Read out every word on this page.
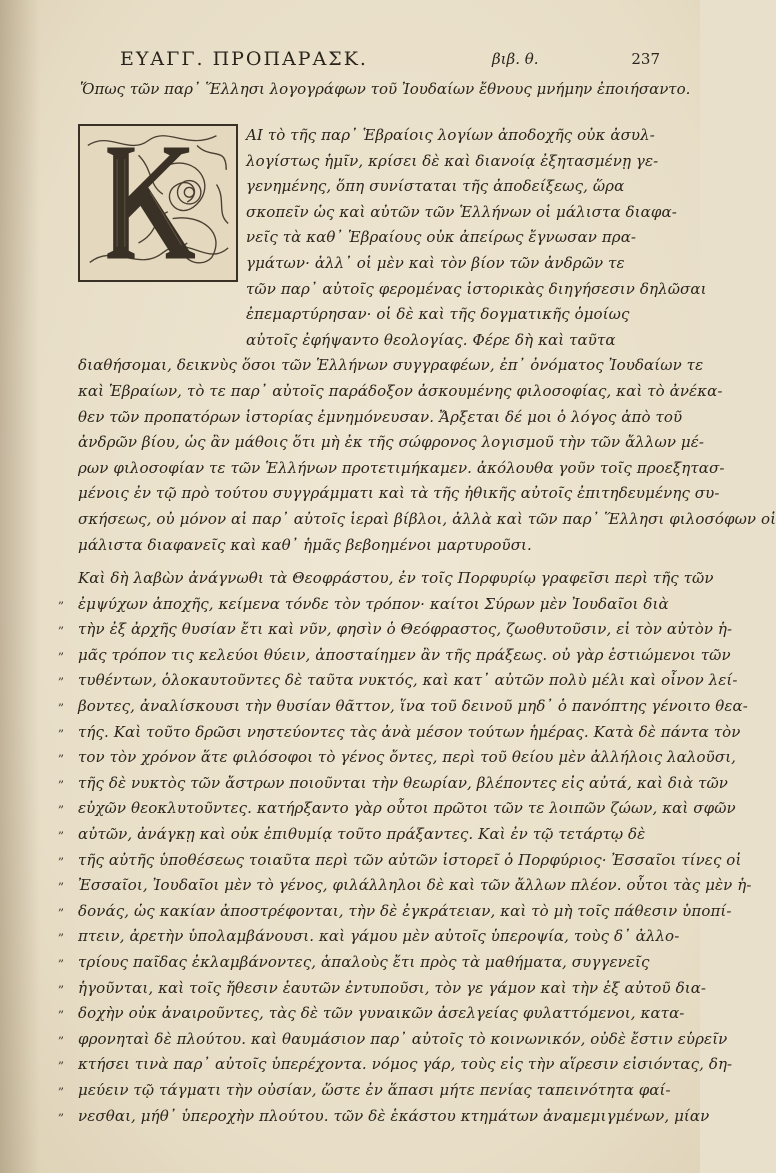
ΕΥΑΓΓ. ΠΡΟΠΑΡΑΣΚ.	βιβ. θ.	237
Ὅπως τῶν παρ᾽ Ἕλλησι λογογράφων τοῦ Ἰουδαίων ἔθνους μνήμην ἐποιήσαντο.
ΑΙ τὸ τῆς παρ᾽ Ἑβραίοις λογίων ἀποδοχῆς οὐκ ἀσυλ-
λογίστως ἡμῖν, κρίσει δὲ καὶ διανοίᾳ ἐξητασμένῃ γε-
γενημένης, ὅπη συνίσταται τῆς ἀποδείξεως, ὥρα
σκοπεῖν ὡς καὶ αὐτῶν τῶν Ἑλλήνων οἱ μάλιστα διαφα-
νεῖς τὰ καθ᾽ Ἑβραίους οὐκ ἀπείρως ἔγνωσαν πρα-
γμάτων· ἀλλ᾽ οἱ μὲν καὶ τὸν βίον τῶν ἀνδρῶν τε
τῶν παρ᾽ αὐτοῖς φερομένας ἱστορικὰς διηγήσεσιν δηλῶσαι
ἐπεμαρτύρησαν· οἱ δὲ καὶ τῆς δογματικῆς ὁμοίως
αὐτοῖς ἐφήψαντο θεολογίας. Φέρε δὴ καὶ ταῦτα
διαθήσομαι, δεικνὺς ὅσοι τῶν Ἑλλήνων συγγραφέων, ἐπ᾽ ὀνόματος Ἰουδαίων τε
καὶ Ἑβραίων, τὸ τε παρ᾽ αὐτοῖς παράδοξον ἀσκουμένης φιλοσοφίας, καὶ τὸ ἀνέκα-
θεν τῶν προπατόρων ἱστορίας ἐμνημόνευσαν. Ἄρξεται δέ μοι ὁ λόγος ἀπὸ τοῦ
ἀνδρῶν βίου, ὡς ἂν μάθοις ὅτι μὴ ἐκ τῆς σώφρονος λογισμοῦ τὴν τῶν ἄλλων μέ-
ρων φιλοσοφίαν τε τῶν Ἑλλήνων προτετιμήκαμεν. ἀκόλουθα γοῦν τοῖς προεξητασ-
μένοις ἐν τῷ πρὸ τούτου συγγράμματι καὶ τὰ τῆς ἠθικῆς αὐτοῖς ἐπιτηδευμένης συ-
σκήσεως, οὐ μόνον αἱ παρ᾽ αὐτοῖς ἱεραὶ βίβλοι, ἀλλὰ καὶ τῶν παρ᾽ Ἕλλησι φιλοσόφων οἱ
μάλιστα διαφανεῖς καὶ καθ᾽ ἡμᾶς βεβοημένοι μαρτυροῦσι.
Καὶ δὴ λαβὼν ἀνάγνωθι τὰ Θεοφράστου, ἐν τοῖς Πορφυρίῳ γραφεῖσι περὶ τῆς τῶν
„ ἐμψύχων ἀποχῆς, κείμενα τόνδε τὸν τρόπον· καίτοι Σύρων μὲν Ἰουδαῖοι διὰ
„ τὴν ἐξ ἀρχῆς θυσίαν ἔτι καὶ νῦν, φησὶν ὁ Θεόφραστος, ζωοθυτοῦσιν, εἰ τὸν αὐτὸν ἡ-
„ μᾶς τρόπον τις κελεύοι θύειν, ἀποσταίημεν ἂν τῆς πράξεως. οὐ γὰρ ἑστιώμενοι τῶν
„ τυθέντων, ὁλοκαυτοῦντες δὲ ταῦτα νυκτός, καὶ κατ᾽ αὐτῶν πολὺ μέλι καὶ οἶνον λεί-
„ βοντες, ἀναλίσκουσι τὴν θυσίαν θᾶττον, ἵνα τοῦ δεινοῦ μηδ᾽ ὁ πανόπτης γένοιτο θεα-
„ τής. Καὶ τοῦτο δρῶσι νηστεύοντες τὰς ἀνὰ μέσον τούτων ἡμέρας. Κατὰ δὲ πάντα τὸν
„ τον τὸν χρόνον ἅτε φιλόσοφοι τὸ γένος ὄντες, περὶ τοῦ θείου μὲν ἀλλήλοις λαλοῦσι,
„ τῆς δὲ νυκτὸς τῶν ἄστρων ποιοῦνται τὴν θεωρίαν, βλέποντες εἰς αὐτά, καὶ διὰ τῶν
„ εὐχῶν θεοκλυτοῦντες. κατήρξαντο γὰρ οὗτοι πρῶτοι τῶν τε λοιπῶν ζώων, καὶ σφῶν
„ αὐτῶν, ἀνάγκῃ καὶ οὐκ ἐπιθυμίᾳ τοῦτο πράξαντες. Καὶ ἐν τῷ τετάρτῳ δὲ
„ τῆς αὐτῆς ὑποθέσεως τοιαῦτα περὶ τῶν αὐτῶν ἱστορεῖ ὁ Πορφύριος· Ἐσσαῖοι τίνες οἱ
„ Ἐσσαῖοι, Ἰουδαῖοι μὲν τὸ γένος, φιλάλληλοι δὲ καὶ τῶν ἄλλων πλέον. οὗτοι τὰς μὲν ἡ-
„ δονάς, ὡς κακίαν ἀποστρέφονται, τὴν δὲ ἐγκράτειαν, καὶ τὸ μὴ τοῖς πάθεσιν ὑποπί-
„ πτειν, ἀρετὴν ὑπολαμβάνουσι. καὶ γάμου μὲν αὐτοῖς ὑπεροψία, τοὺς δ᾽ ἀλλο-
„ τρίους παῖδας ἐκλαμβάνοντες, ἁπαλοὺς ἔτι πρὸς τὰ μαθήματα, συγγενεῖς
„ ἡγοῦνται, καὶ τοῖς ἤθεσιν ἑαυτῶν ἐντυποῦσι, τὸν γε γάμον καὶ τὴν ἐξ αὐτοῦ δια-
„ δοχὴν οὐκ ἀναιροῦντες, τὰς δὲ τῶν γυναικῶν ἀσελγείας φυλαττόμενοι, κατα-
„ φρονηταὶ δὲ πλούτου. καὶ θαυμάσιον παρ᾽ αὐτοῖς τὸ κοινωνικόν, οὐδὲ ἔστιν εὑρεῖν
„ κτήσει τινὰ παρ᾽ αὐτοῖς ὑπερέχοντα. νόμος γάρ, τοὺς εἰς τὴν αἵρεσιν εἰσιόντας, δη-
„ μεύειν τῷ τάγματι τὴν οὐσίαν, ὥστε ἐν ἅπασι μήτε πενίας ταπεινότητα φαί-
„ νεσθαι, μήθ᾽ ὑπεροχὴν πλούτου. τῶν δὲ ἑκάστου κτημάτων ἀναμεμιγμένων, μίαν
